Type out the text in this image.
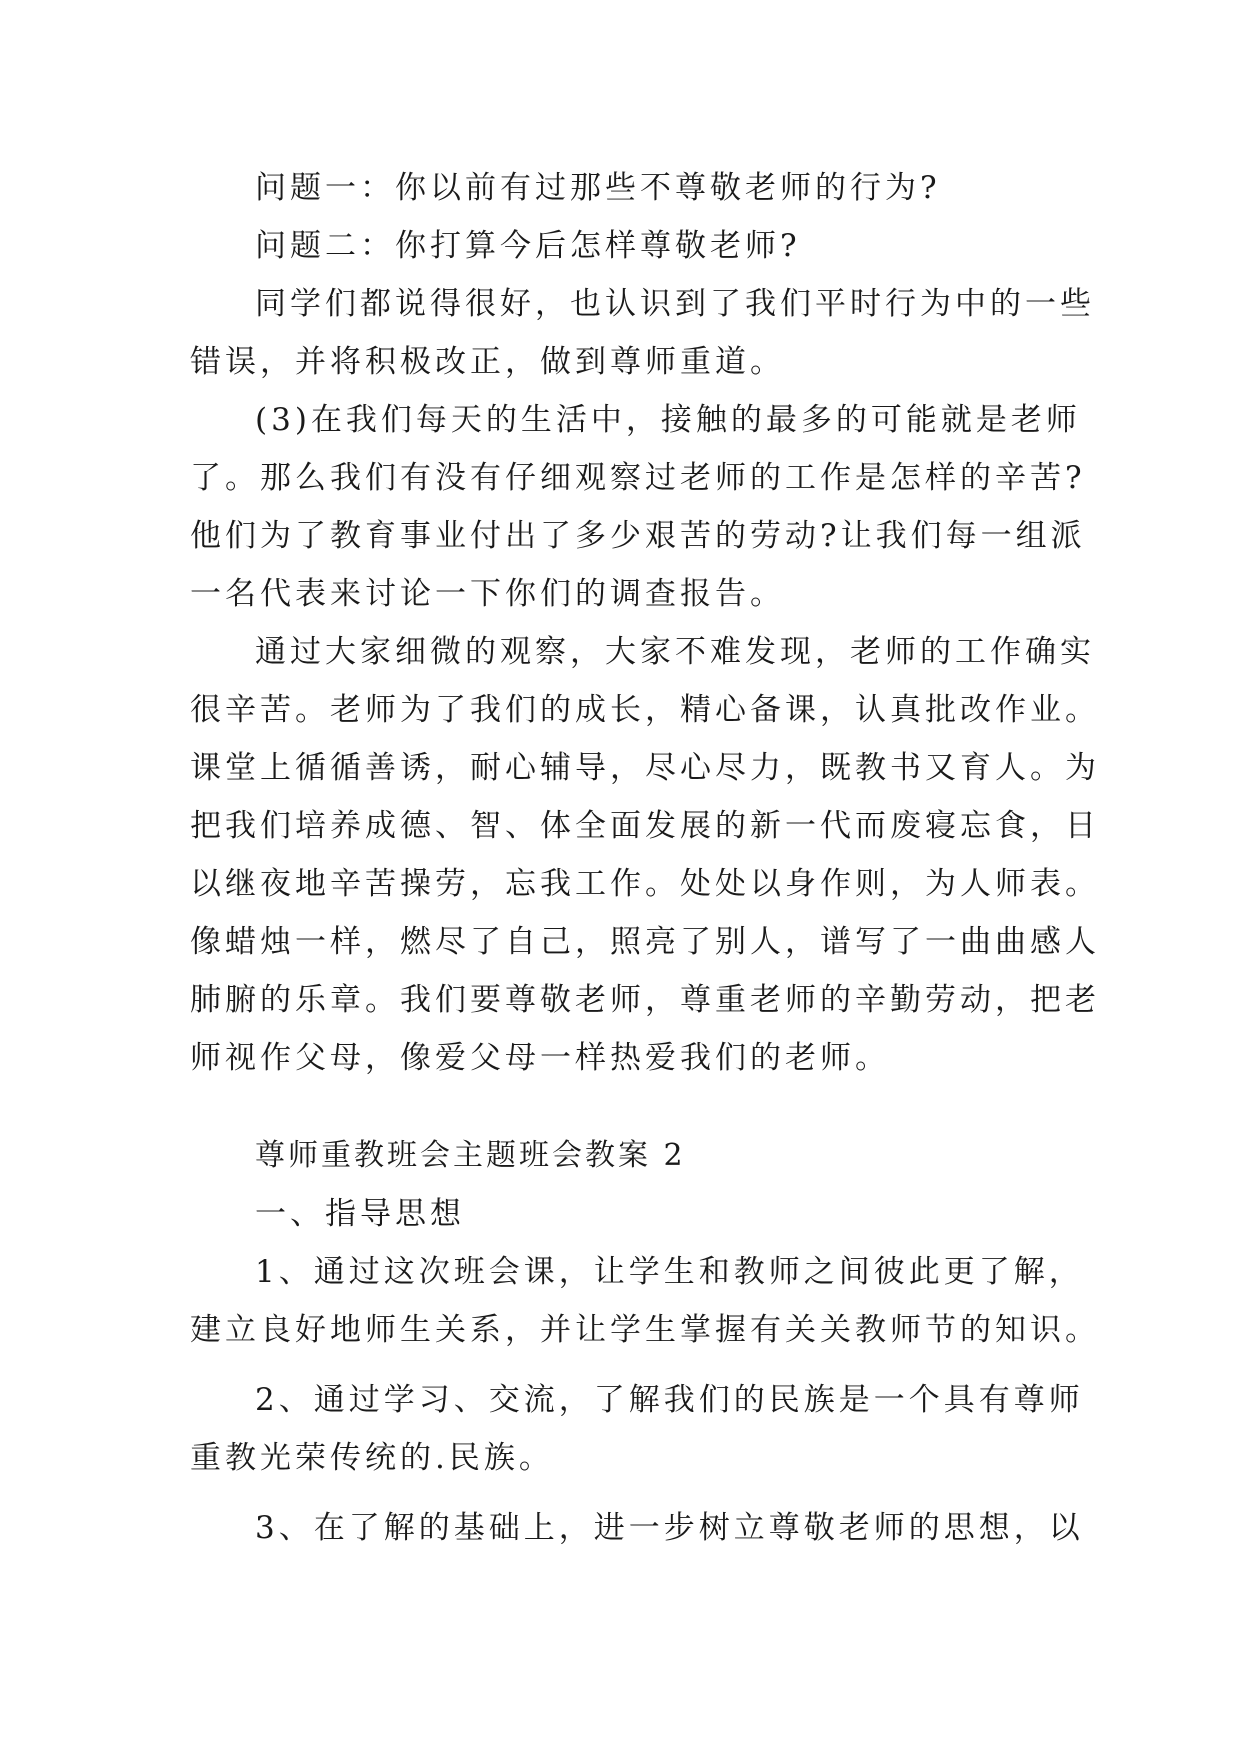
问题一：你以前有过那些不尊敬老师的行为?
问题二：你打算今后怎样尊敬老师?
同学们都说得很好，也认识到了我们平时行为中的一些
错误，并将积极改正，做到尊师重道。
(3)在我们每天的生活中，接触的最多的可能就是老师
了。那么我们有没有仔细观察过老师的工作是怎样的辛苦?
他们为了教育事业付出了多少艰苦的劳动?让我们每一组派
一名代表来讨论一下你们的调查报告。
通过大家细微的观察，大家不难发现，老师的工作确实
很辛苦。老师为了我们的成长，精心备课，认真批改作业。
课堂上循循善诱，耐心辅导，尽心尽力，既教书又育人。为
把我们培养成德、智、体全面发展的新一代而废寝忘食，日
以继夜地辛苦操劳，忘我工作。处处以身作则，为人师表。
像蜡烛一样，燃尽了自己，照亮了别人，谱写了一曲曲感人
肺腑的乐章。我们要尊敬老师，尊重老师的辛勤劳动，把老
师视作父母，像爱父母一样热爱我们的老师。
尊师重教班会主题班会教案 2
一、指导思想
1、通过这次班会课，让学生和教师之间彼此更了解，
建立良好地师生关系，并让学生掌握有关关教师节的知识。
2、通过学习、交流，了解我们的民族是一个具有尊师
重教光荣传统的.民族。
3、在了解的基础上，进一步树立尊敬老师的思想，以
